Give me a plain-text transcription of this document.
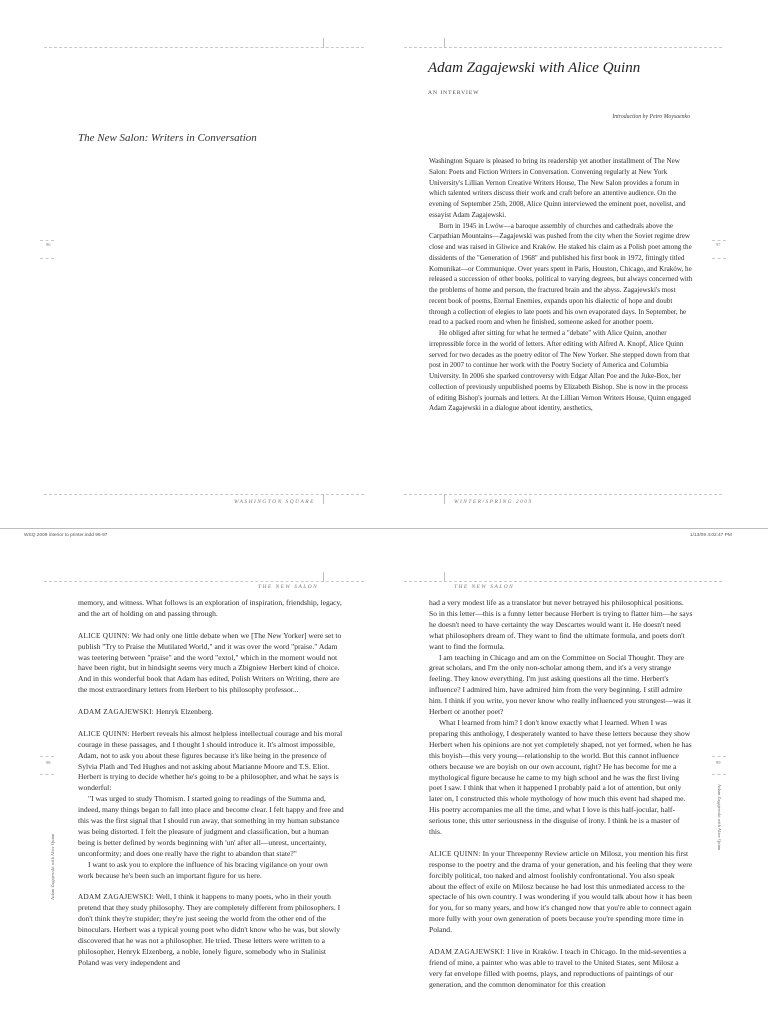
The New Salon: Writers in Conversation
96
Adam Zagajewski with Alice Quinn
AN INTERVIEW
Introduction by Petro Moysaenko

Washington Square is pleased to bring its readership yet another installment of The New Salon: Poets and Fiction Writers in Conversation. Convening regularly at New York University's Lillian Vernon Creative Writers House, The New Salon provides a forum in which talented writers discuss their work and craft before an attentive audience. On the evening of September 25th, 2008, Alice Quinn interviewed the eminent poet, novelist, and essayist Adam Zagajewski.

Born in 1945 in Lwów—a baroque assembly of churches and cathedrals above the Carpathian Mountains—Zagajewski was pushed from the city when the Soviet regime drew close and was raised in Gliwice and Kraków. He staked his claim as a Polish poet among the dissidents of the "Generation of 1968" and published his first book in 1972, fittingly titled Komunikat—or Communique. Over years spent in Paris, Houston, Chicago, and Kraków, he released a succession of other books, political to varying degrees, but always concerned with the problems of home and person, the fractured brain and the abyss. Zagajewski's most recent book of poems, Eternal Enemies, expands upon his dialectic of hope and doubt through a collection of elegies to late poets and his own evaporated days. In September, he read to a packed room and when he finished, someone asked for another poem.

He obliged after sitting for what he termed a "debate" with Alice Quinn, another irrepressible force in the world of letters. After editing with Alfred A. Knopf, Alice Quinn served for two decades as the poetry editor of The New Yorker. She stepped down from that post in 2007 to continue her work with the Poetry Society of America and Columbia University. In 2006 she sparked controversy with Edgar Allan Poe and the Juke-Box, her collection of previously unpublished poems by Elizabeth Bishop. She is now in the process of editing Bishop's journals and letters. At the Lillian Vernon Writers House, Quinn engaged Adam Zagajewski in a dialogue about identity, aesthetics,

97
WASHINGTON SQUARE	WINTER/SPRING 2009
WSQ 2009 interior to printer.indd 96-97	1/13/09 4:02:47 PM
THE NEW SALON	THE NEW SALON

memory, and witness. What follows is an exploration of inspiration, friendship, legacy, and the art of holding on and passing through.

ALICE QUINN: We had only one little debate when we [The New Yorker] were set to publish "Try to Praise the Mutilated World," and it was over the word "praise." Adam was teetering between "praise" and the word "extol," which in the moment would not have been right, but in hindsight seems very much a Zbigniew Herbert kind of choice. And in this wonderful book that Adam has edited, Polish Writers on Writing, there are the most extraordinary letters from Herbert to his philosophy professor...

ADAM ZAGAJEWSKI: Henryk Elzenberg.

ALICE QUINN: Herbert reveals his almost helpless intellectual courage and his moral courage in these passages, and I thought I should introduce it. It's almost impossible, Adam, not to ask you about these figures because it's like being in the presence of Sylvia Plath and Ted Hughes and not asking about Marianne Moore and T.S. Eliot. Herbert is trying to decide whether he's going to be a philosopher, and what he says is wonderful:

"I was urged to study Thomism. I started going to readings of the Summa and, indeed, many things began to fall into place and become clear. I felt happy and free and this was the first signal that I should run away, that something in my human substance was being distorted. I felt the pleasure of judgment and classification, but a human being is better defined by words beginning with 'un' after all—unrest, uncertainty, unconformity; and does one really have the right to abandon that state?"

I want to ask you to explore the influence of his bracing vigilance on your own work because he's been such an important figure for us here.

ADAM ZAGAJEWSKI: Well, I think it happens to many poets, who in their youth pretend that they study philosophy. They are completely different from philosophers. I don't think they're stupider; they're just seeing the world from the other end of the binoculars. Herbert was a typical young poet who didn't know who he was, but slowly discovered that he was not a philosopher. He tried. These letters were written to a philosopher, Henryk Elzenberg, a noble, lonely figure, somebody who in Stalinist Poland was very independent and

98
Adam Zagajewski with Alice Quinn

had a very modest life as a translator but never betrayed his philosophical positions. So in this letter—this is a funny letter because Herbert is trying to flatter him—he says he doesn't need to have certainty the way Descartes would want it. He doesn't need what philosophers dream of. They want to find the ultimate formula, and poets don't want to find the formula.

I am teaching in Chicago and am on the Committee on Social Thought. They are great scholars, and I'm the only non-scholar among them, and it's a very strange feeling. They know everything. I'm just asking questions all the time. Herbert's influence? I admired him, have admired him from the very beginning. I still admire him. I think if you write, you never know who really influenced you strongest—was it Herbert or another poet?

What I learned from him? I don't know exactly what I learned. When I was preparing this anthology, I desperately wanted to have these letters because they show Herbert when his opinions are not yet completely shaped, not yet formed, when he has this boyish—this very young—relationship to the world. But this cannot influence others because we are boyish on our own account, right? He has become for me a mythological figure because he came to my high school and he was the first living poet I saw. I think that when it happened I probably paid a lot of attention, but only later on, I constructed this whole mythology of how much this event had shaped me. His poetry accompanies me all the time, and what I love is this half-jocular, half-serious tone, this utter seriousness in the disguise of irony. I think he is a master of this.

ALICE QUINN: In your Threepenny Review article on Milosz, you mention his first response to the poetry and the drama of your generation, and his feeling that they were forcibly political, too naked and almost foolishly confrontational. You also speak about the effect of exile on Milosz because he had lost this unmediated access to the spectacle of his own country. I was wondering if you would talk about how it has been for you, for so many years, and how it's changed now that you're able to connect again more fully with your own generation of poets because you're spending more time in Poland.

ADAM ZAGAJEWSKI: I live in Kraków. I teach in Chicago. In the mid-seventies a friend of mine, a painter who was able to travel to the United States, sent Milosz a very fat envelope filled with poems, plays, and reproductions of paintings of our generation, and the common denominator for this creation

99
Adam Zagajewski with Alice Quinn
